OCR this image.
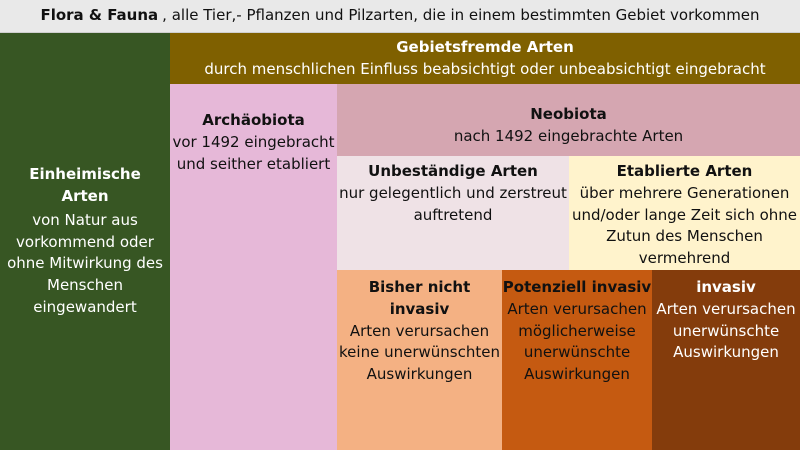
Flora & Fauna , alle Tier,- Pflanzen und Pilzarten, die in einem bestimmten Gebiet vorkommen
Einheimische Arten
von Natur aus vorkommend oder ohne Mitwirkung des Menschen eingewandert
Gebietsfremde Arten
durch menschlichen Einfluss beabsichtigt oder unbeabsichtigt eingebracht
Archäobiota
vor 1492 eingebracht und seither etabliert
Neobiota
nach 1492 eingebrachte Arten
Unbeständige Arten
nur gelegentlich und zerstreut auftretend
Etablierte Arten
über mehrere Generationen und/oder lange Zeit sich ohne Zutun des Menschen vermehrend
Bisher nicht invasiv
Arten verursachen keine unerwünschten Auswirkungen
Potenziell invasiv
Arten verursachen möglicherweise unerwünschte Auswirkungen
invasiv
Arten verursachen unerwünschte Auswirkungen
